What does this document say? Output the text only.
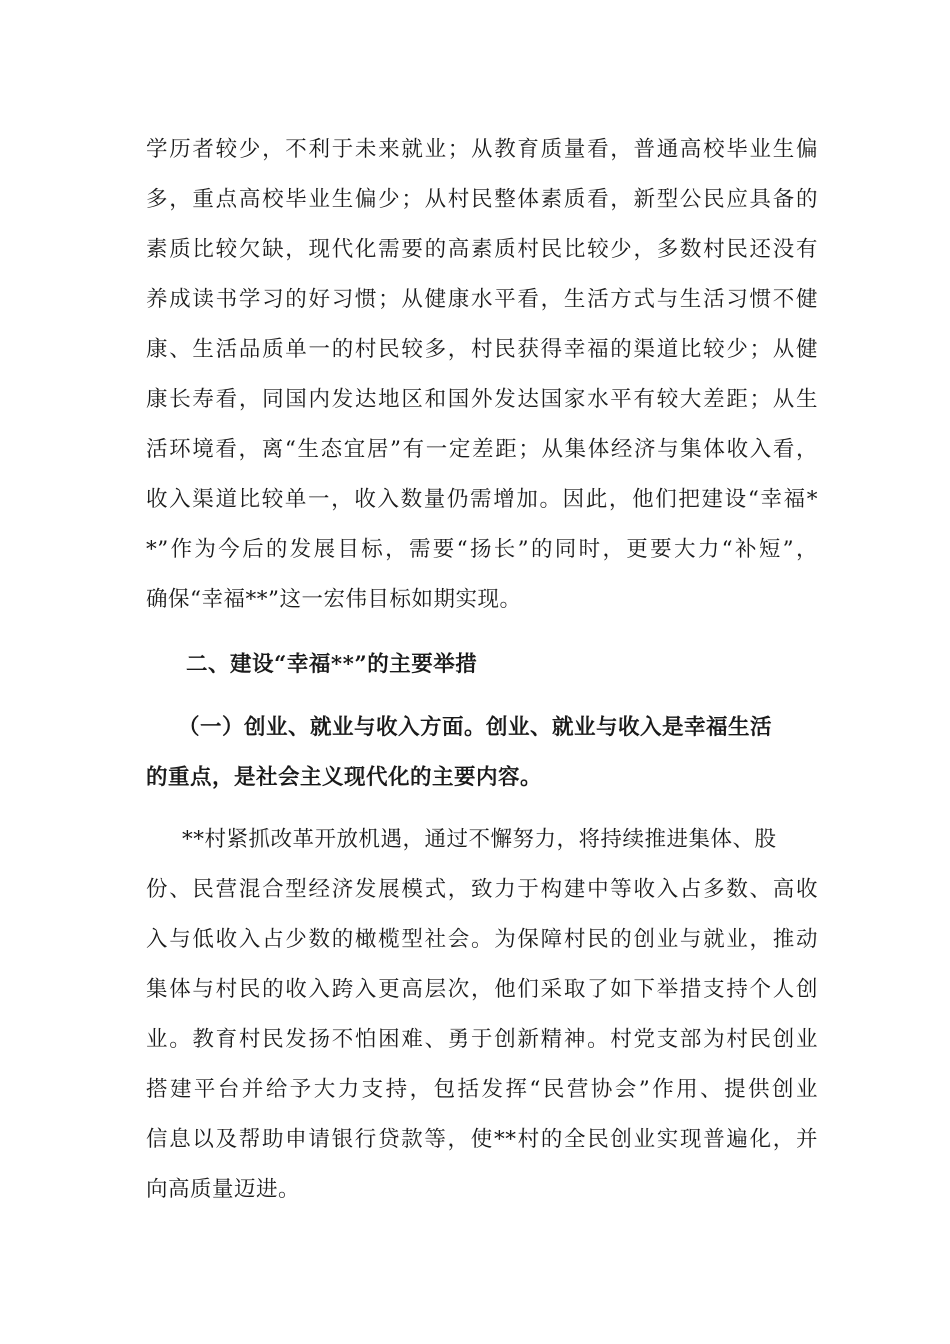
学历者较少，不利于未来就业；从教育质量看，普通高校毕业生偏
多，重点高校毕业生偏少；从村民整体素质看，新型公民应具备的
素质比较欠缺，现代化需要的高素质村民比较少，多数村民还没有
养成读书学习的好习惯；从健康水平看，生活方式与生活习惯不健
康、生活品质单一的村民较多，村民获得幸福的渠道比较少；从健
康长寿看，同国内发达地区和国外发达国家水平有较大差距；从生
活环境看，离“生态宜居”有一定差距；从集体经济与集体收入看，
收入渠道比较单一，收入数量仍需增加。因此，他们把建设“幸福*
*”作为今后的发展目标，需要“扬长”的同时，更要大力“补短”，
确保“幸福**”这一宏伟目标如期实现。
二、建设“幸福**”的主要举措
（一）创业、就业与收入方面。创业、就业与收入是幸福生活
的重点，是社会主义现代化的主要内容。
**村紧抓改革开放机遇，通过不懈努力，将持续推进集体、股
份、民营混合型经济发展模式，致力于构建中等收入占多数、高收
入与低收入占少数的橄榄型社会。为保障村民的创业与就业，推动
集体与村民的收入跨入更高层次，他们采取了如下举措支持个人创
业。教育村民发扬不怕困难、勇于创新精神。村党支部为村民创业
搭建平台并给予大力支持，包括发挥“民营协会”作用、提供创业
信息以及帮助申请银行贷款等，使**村的全民创业实现普遍化，并
向高质量迈进。
